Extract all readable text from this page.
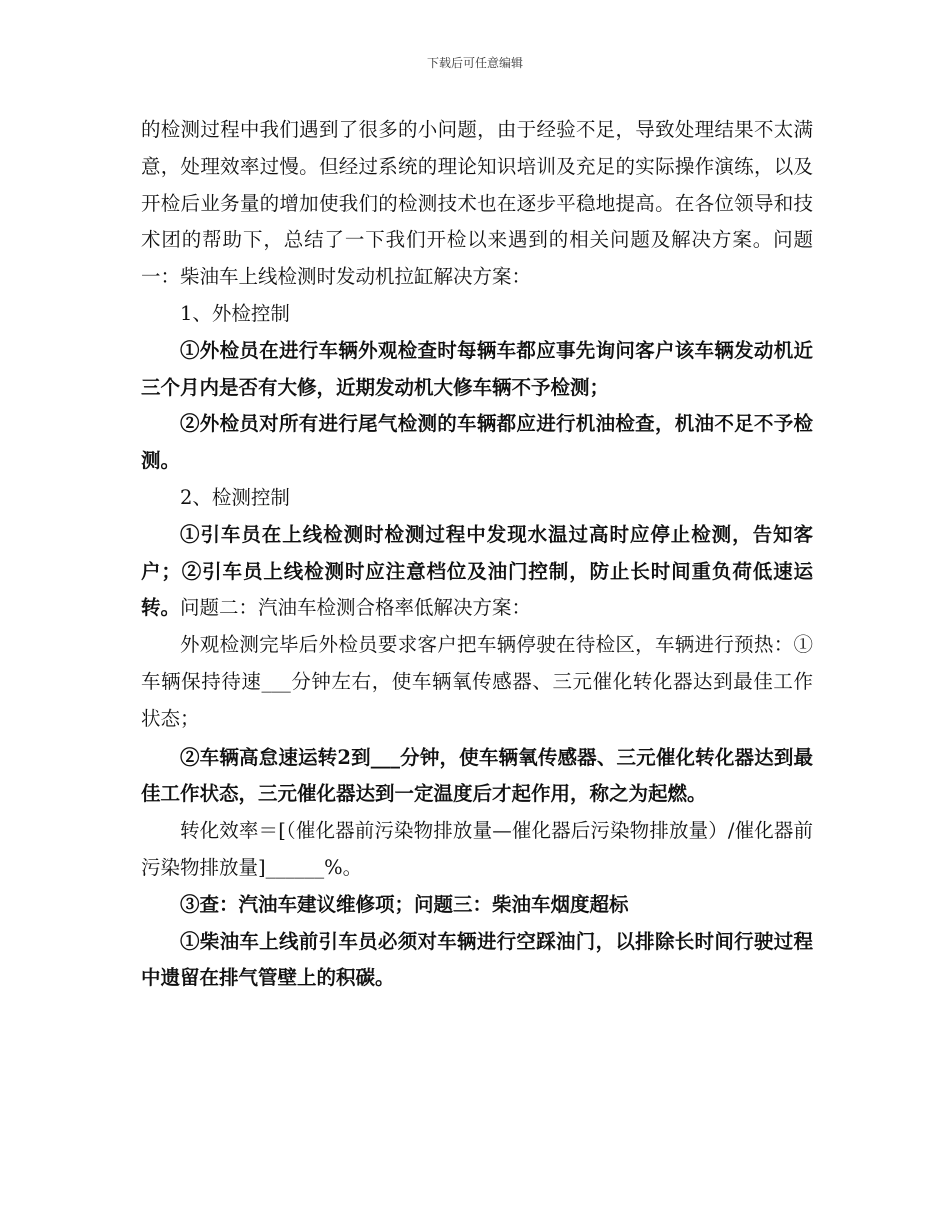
下载后可任意编辑

的检测过程中我们遇到了很多的小问题，由于经验不足，导致处理结果不太满意，处理效率过慢。但经过系统的理论知识培训及充足的实际操作演练，以及开检后业务量的增加使我们的检测技术也在逐步平稳地提高。在各位领导和技术团的帮助下，总结了一下我们开检以来遇到的相关问题及解决方案。问题一：柴油车上线检测时发动机拉缸解决方案：

1、外检控制

①外检员在进行车辆外观检查时每辆车都应事先询问客户该车辆发动机近三个月内是否有大修，近期发动机大修车辆不予检测；

②外检员对所有进行尾气检测的车辆都应进行机油检查，机油不足不予检测。

2、检测控制

①引车员在上线检测时检测过程中发现水温过高时应停止检测，告知客户；②引车员上线检测时应注意档位及油门控制，防止长时间重负荷低速运转。问题二：汽油车检测合格率低解决方案：

外观检测完毕后外检员要求客户把车辆停驶在待检区，车辆进行预热：①车辆保持待速___分钟左右，使车辆氧传感器、三元催化转化器达到最佳工作状态；

②车辆高怠速运转2到___分钟，使车辆氧传感器、三元催化转化器达到最佳工作状态，三元催化器达到一定温度后才起作用，称之为起燃。

转化效率＝[（催化器前污染物排放量—催化器后污染物排放量）/催化器前污染物排放量]______%。

③查：汽油车建议维修项；问题三：柴油车烟度超标

①柴油车上线前引车员必须对车辆进行空踩油门，以排除长时间行驶过程中遗留在排气管壁上的积碳。
